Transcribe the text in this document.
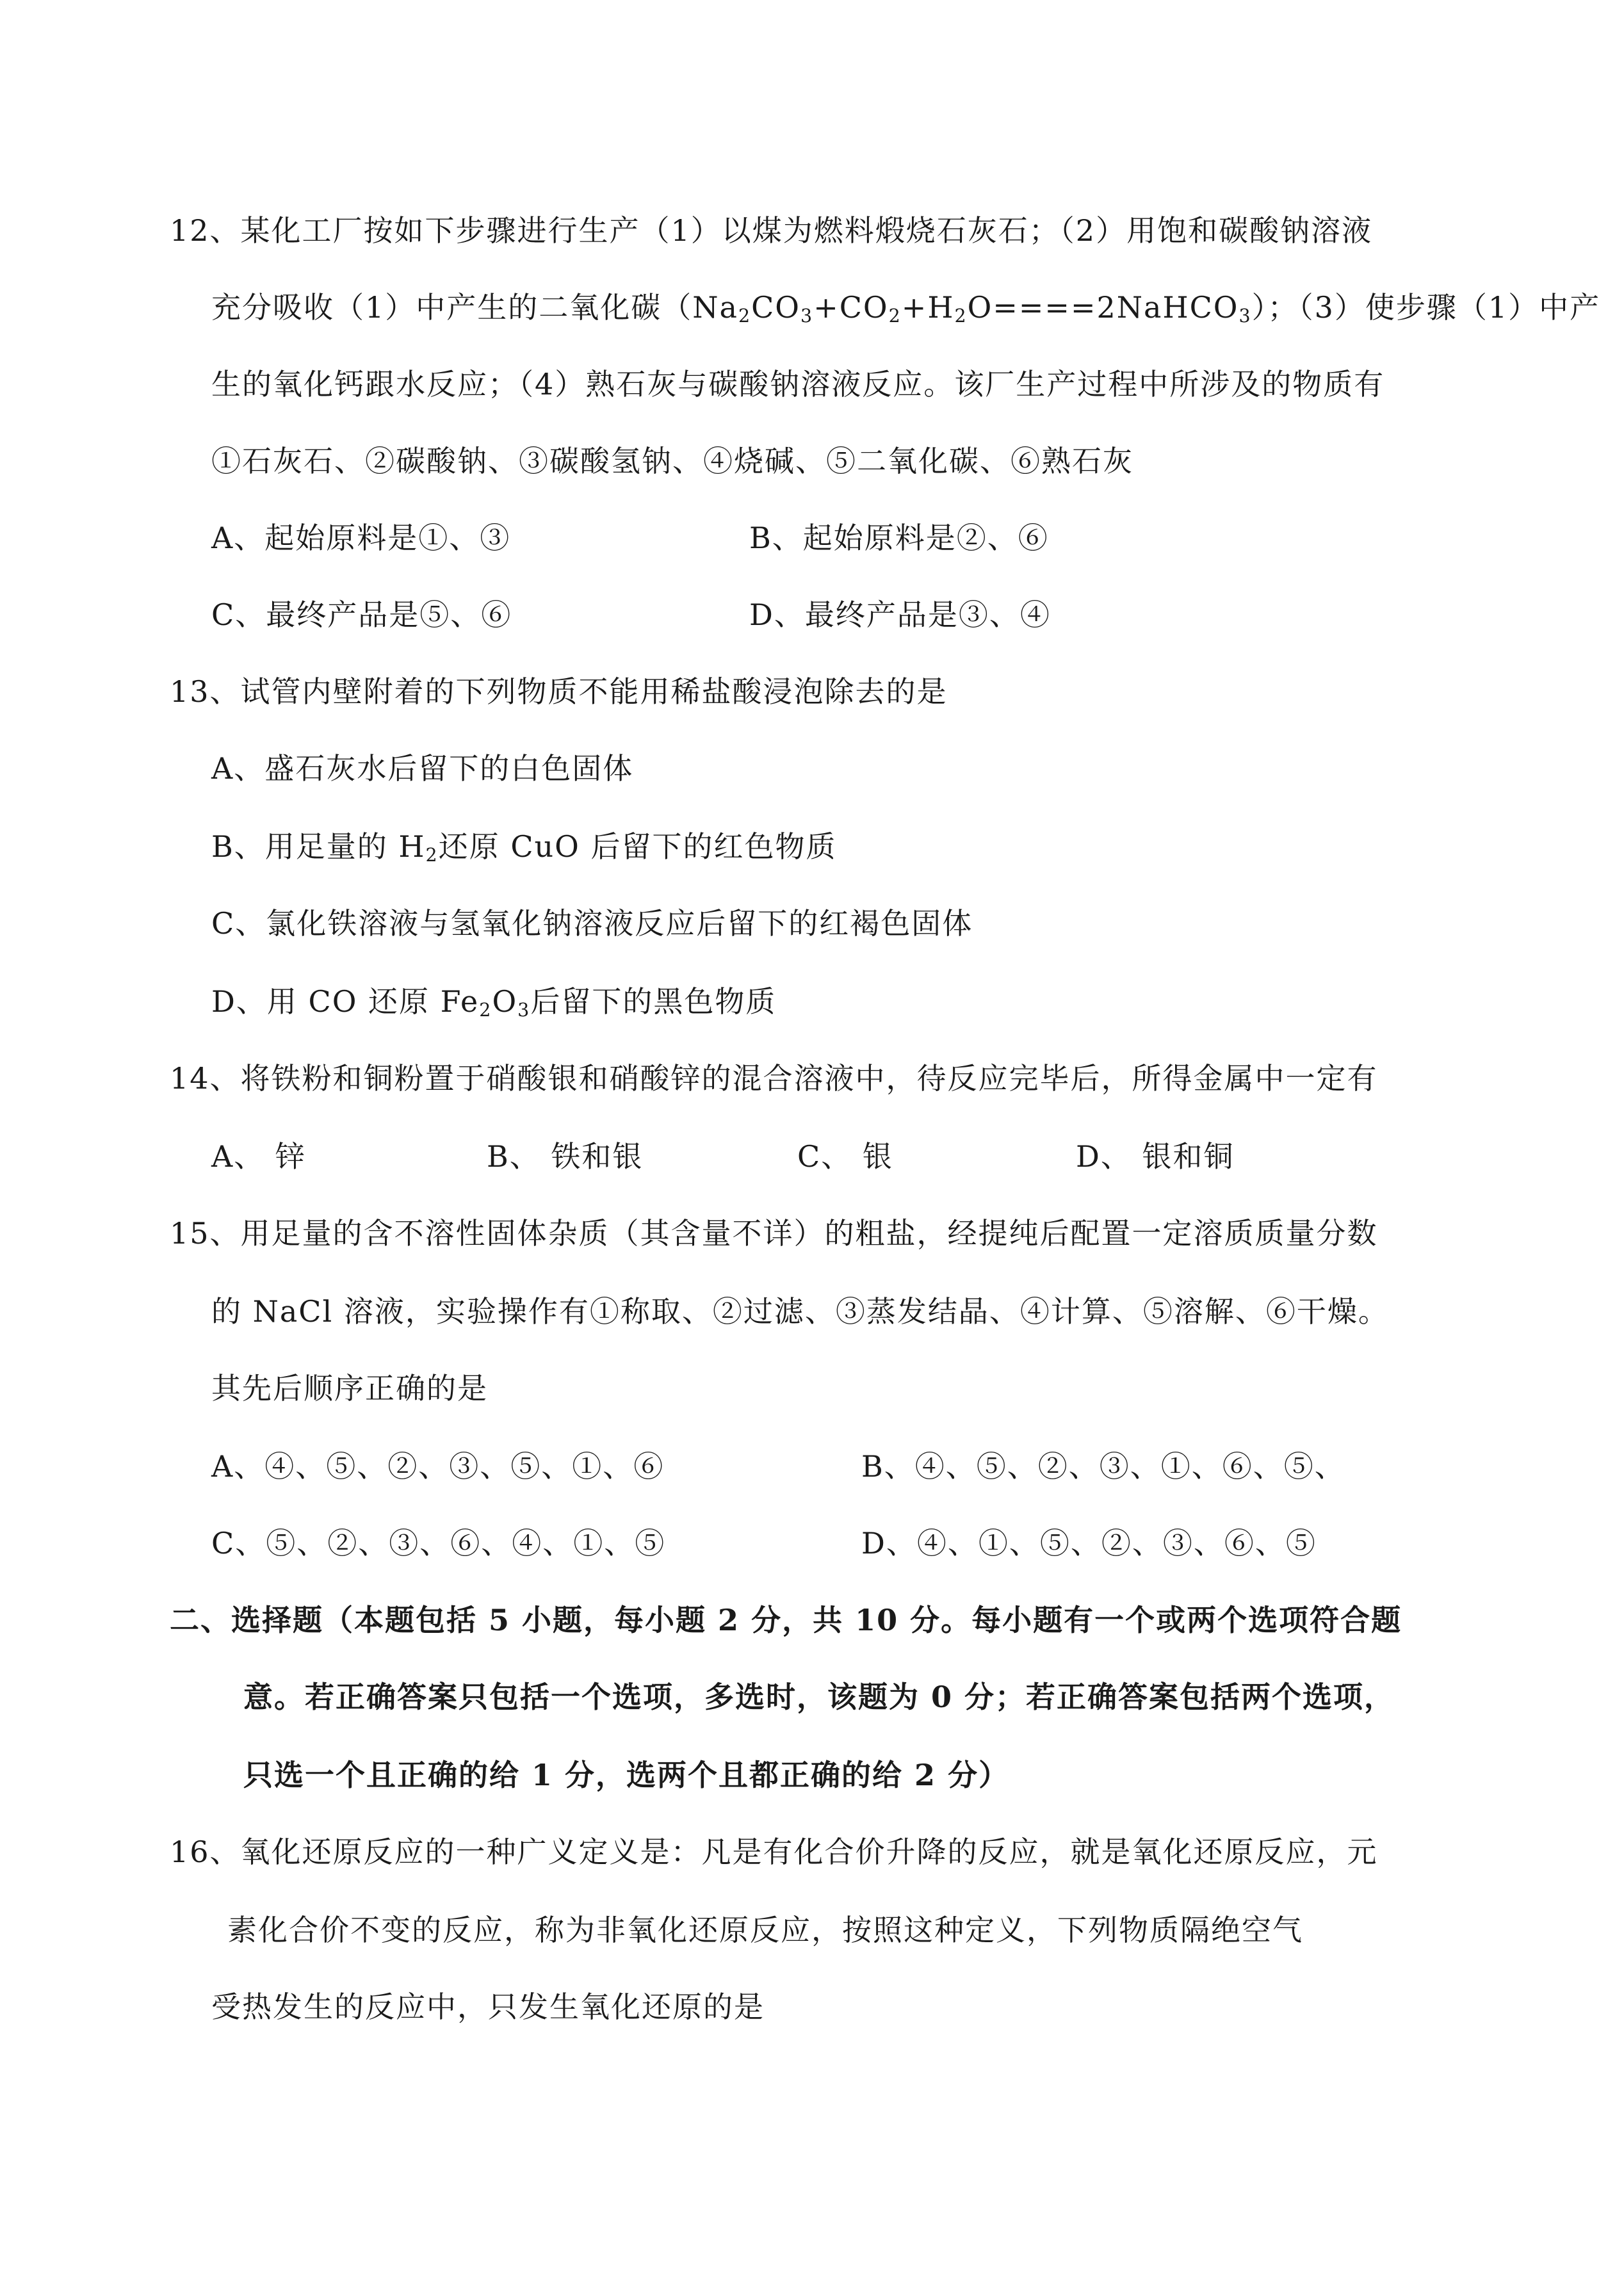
12、某化工厂按如下步骤进行生产（1）以煤为燃料煅烧石灰石；（2）用饱和碳酸钠溶液
充分吸收（1）中产生的二氧化碳$(Na_2CO_3+CO_2+H_2O====2NaHCO_3)$；（3）使步骤（1）中产
生的氧化钙跟水反应；（4）熟石灰与碳酸钠溶液反应。该厂生产过程中所涉及的物质有
①石灰石、②碳酸钠、③碳酸氢钠、④烧碱、⑤二氧化碳、⑥熟石灰
A、起始原料是①、③	B、起始原料是②、⑥
C、最终产品是⑤、⑥	D、最终产品是③、④
13、试管内壁附着的下列物质不能用稀盐酸浸泡除去的是
A、盛石灰水后留下的白色固体
B、用足量的 $H_2$还原 CuO 后留下的红色物质
C、氯化铁溶液与氢氧化钠溶液反应后留下的红褐色固体
D、用 CO 还原 $Fe_2O_3$后留下的黑色物质
14、将铁粉和铜粉置于硝酸银和硝酸锌的混合溶液中，待反应完毕后，所得金属中一定有
A、 锌	B、 铁和银	C、 银	D、 银和铜
15、用足量的含不溶性固体杂质（其含量不详）的粗盐，经提纯后配置一定溶质质量分数
的 NaCl 溶液，实验操作有①称取、②过滤、③蒸发结晶、④计算、⑤溶解、⑥干燥。
其先后顺序正确的是
A、④、⑤、②、③、⑤、①、⑥	B、④、⑤、②、③、①、⑥、⑤、
C、⑤、②、③、⑥、④、①、⑤	D、④、①、⑤、②、③、⑥、⑤
二、选择题（本题包括 5 小题，每小题 2 分，共 10 分。每小题有一个或两个选项符合题
意。若正确答案只包括一个选项，多选时，该题为 0 分；若正确答案包括两个选项，
只选一个且正确的给 1 分，选两个且都正确的给 2 分）
16、氧化还原反应的一种广义定义是：凡是有化合价升降的反应，就是氧化还原反应，元
素化合价不变的反应，称为非氧化还原反应，按照这种定义，下列物质隔绝空气
受热发生的反应中，只发生氧化还原的是
